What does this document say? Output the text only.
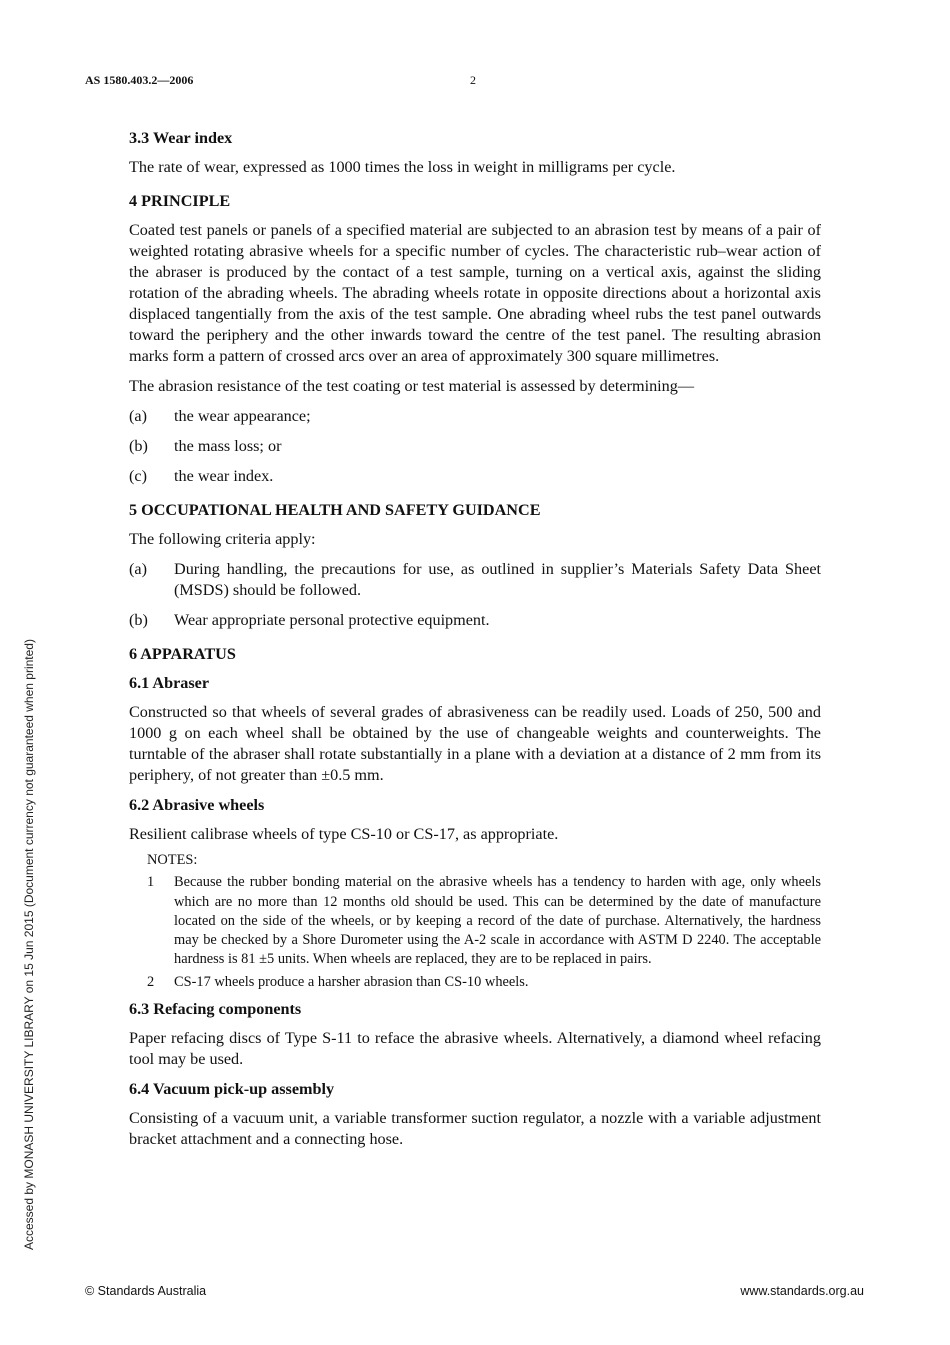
AS 1580.403.2—2006	2
Accessed by MONASH UNIVERSITY LIBRARY on 15 Jun 2015 (Document currency not guaranteed when printed)
3.3 Wear index

The rate of wear, expressed as 1000 times the loss in weight in milligrams per cycle.

4 PRINCIPLE

Coated test panels or panels of a specified material are subjected to an abrasion test by means of a pair of weighted rotating abrasive wheels for a specific number of cycles. The characteristic rub–wear action of the abraser is produced by the contact of a test sample, turning on a vertical axis, against the sliding rotation of the abrading wheels. The abrading wheels rotate in opposite directions about a horizontal axis displaced tangentially from the axis of the test sample. One abrading wheel rubs the test panel outwards toward the periphery and the other inwards toward the centre of the test panel. The resulting abrasion marks form a pattern of crossed arcs over an area of approximately 300 square millimetres.

The abrasion resistance of the test coating or test material is assessed by determining—

(a)	the wear appearance;
(b)	the mass loss; or
(c)	the wear index.
5 OCCUPATIONAL HEALTH AND SAFETY GUIDANCE

The following criteria apply:

(a)	During handling, the precautions for use, as outlined in supplier’s Materials Safety Data Sheet (MSDS) should be followed.
(b)	Wear appropriate personal protective equipment.
6 APPARATUS
6.1 Abraser

Constructed so that wheels of several grades of abrasiveness can be readily used. Loads of 250, 500 and 1000 g on each wheel shall be obtained by the use of changeable weights and counterweights. The turntable of the abraser shall rotate substantially in a plane with a deviation at a distance of 2 mm from its periphery, of not greater than ±0.5 mm.

6.2 Abrasive wheels

Resilient calibrase wheels of type CS-10 or CS-17, as appropriate.

NOTES:
1	Because the rubber bonding material on the abrasive wheels has a tendency to harden with age, only wheels which are no more than 12 months old should be used. This can be determined by the date of manufacture located on the side of the wheels, or by keeping a record of the date of purchase. Alternatively, the hardness may be checked by a Shore Durometer using the A-2 scale in accordance with ASTM D 2240. The acceptable hardness is 81 ±5 units. When wheels are replaced, they are to be replaced in pairs.
2	CS-17 wheels produce a harsher abrasion than CS-10 wheels.
6.3 Refacing components

Paper refacing discs of Type S-11 to reface the abrasive wheels. Alternatively, a diamond wheel refacing tool may be used.

6.4 Vacuum pick-up assembly

Consisting of a vacuum unit, a variable transformer suction regulator, a nozzle with a variable adjustment bracket attachment and a connecting hose.

© Standards Australia	www.standards.org.au
